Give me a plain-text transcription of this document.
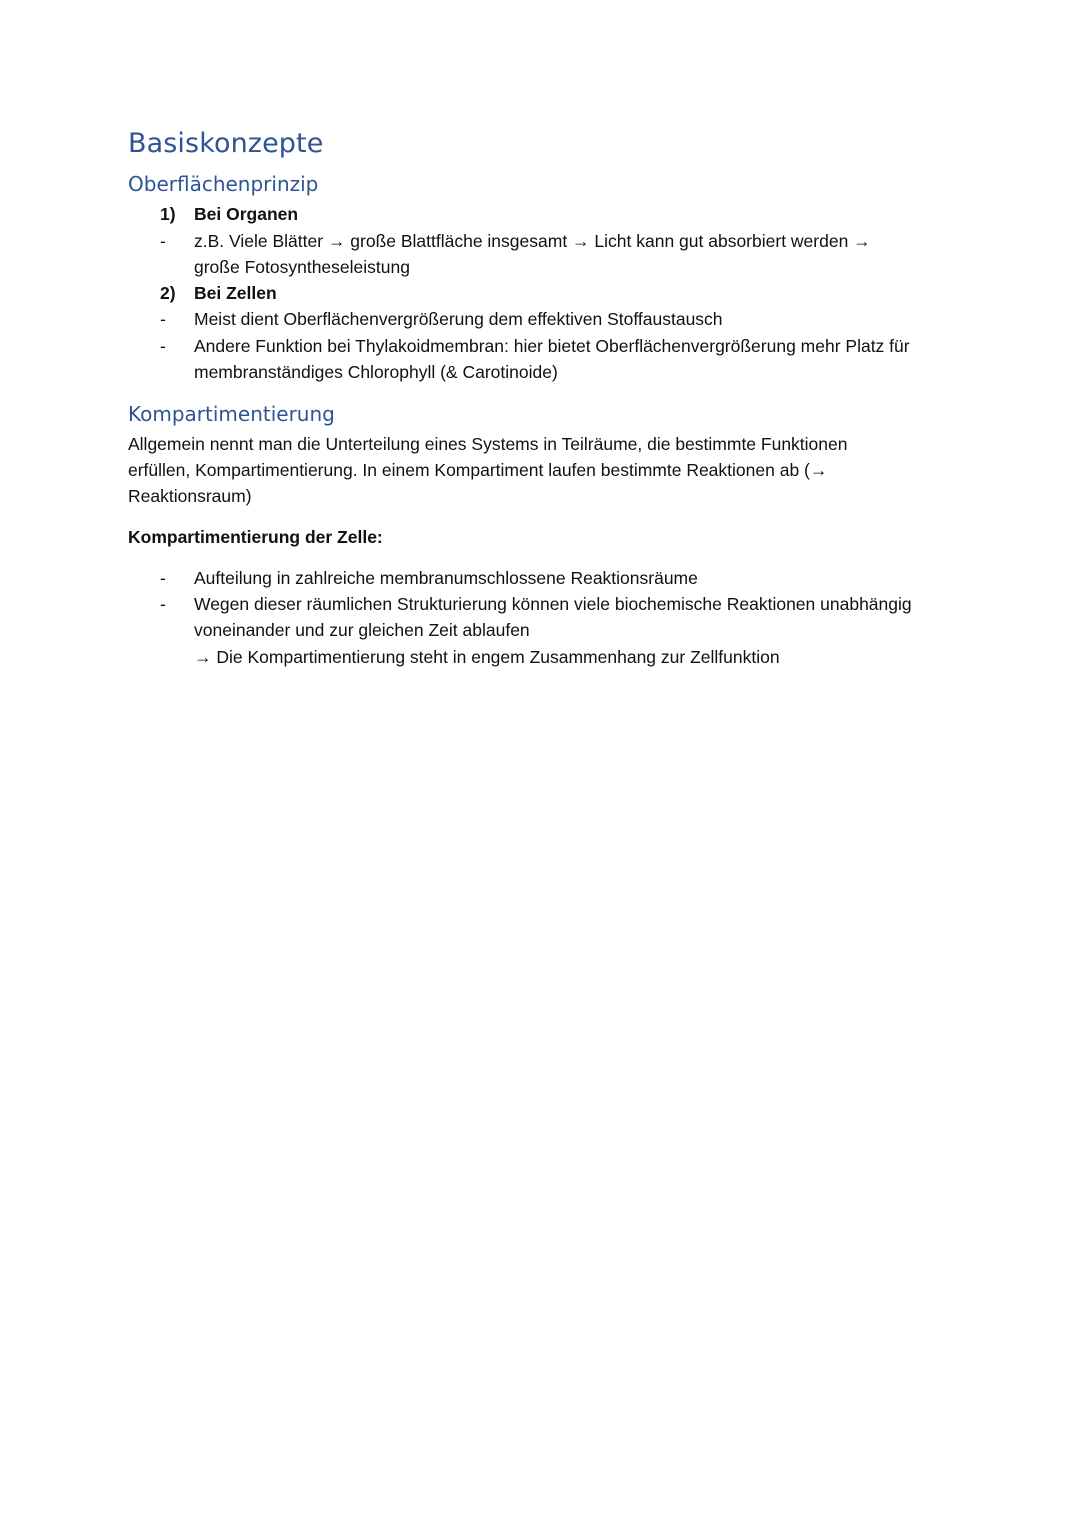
Basiskonzepte
Oberflächenprinzip
1) Bei Organen
- z.B. Viele Blätter → große Blattfläche insgesamt → Licht kann gut absorbiert werden →
große Fotosyntheseleistung
2) Bei Zellen
- Meist dient Oberflächenvergrößerung dem effektiven Stoffaustausch
- Andere Funktion bei Thylakoidmembran: hier bietet Oberflächenvergrößerung mehr Platz für
membranständiges Chlorophyll (& Carotinoide)
Kompartimentierung
Allgemein nennt man die Unterteilung eines Systems in Teilräume, die bestimmte Funktionen
erfüllen, Kompartimentierung. In einem Kompartiment laufen bestimmte Reaktionen ab (→
Reaktionsraum)
Kompartimentierung der Zelle:
- Aufteilung in zahlreiche membranumschlossene Reaktionsräume
- Wegen dieser räumlichen Strukturierung können viele biochemische Reaktionen unabhängig
voneinander und zur gleichen Zeit ablaufen
→ Die Kompartimentierung steht in engem Zusammenhang zur Zellfunktion
